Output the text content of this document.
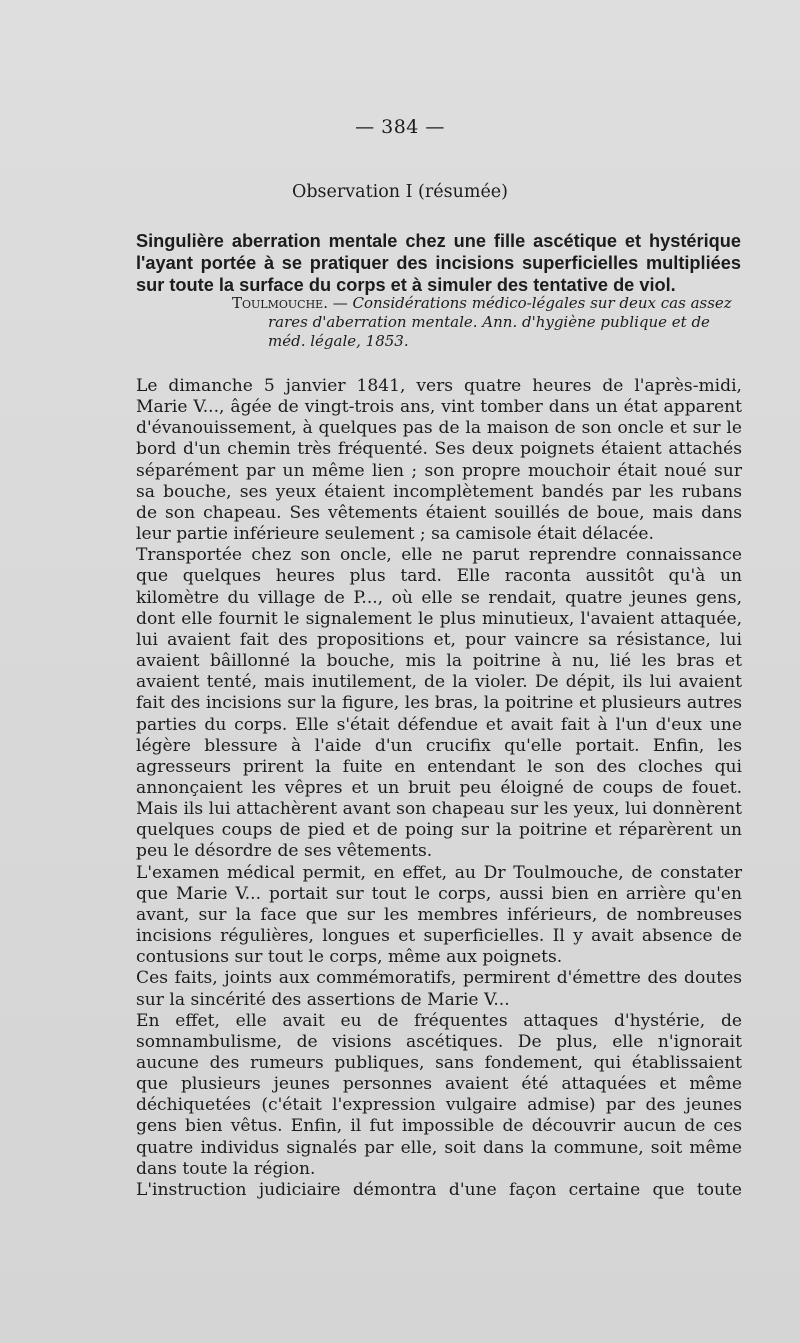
— 384 —
Observation I (résumée)
Singulière aberration mentale chez une fille ascétique et hystérique l'ayant portée à se pratiquer des incisions superficielles multipliées sur toute la surface du corps et à simuler des tentative de viol.
Toulmouche. — Considérations médico-légales sur deux cas assez rares d'aberration mentale. Ann. d'hygiène publique et de méd. légale, 1853.

Le dimanche 5 janvier 1841, vers quatre heures de l'après-midi, Marie V..., âgée de vingt-trois ans, vint tomber dans un état apparent d'évanouissement, à quelques pas de la maison de son oncle et sur le bord d'un chemin très fréquenté. Ses deux poignets étaient attachés séparément par un même lien ; son propre mouchoir était noué sur sa bouche, ses yeux étaient incomplètement bandés par les rubans de son chapeau. Ses vêtements étaient souillés de boue, mais dans leur partie inférieure seulement ; sa camisole était délacée.

Transportée chez son oncle, elle ne parut reprendre connaissance que quelques heures plus tard. Elle raconta aussitôt qu'à un kilomètre du village de P..., où elle se rendait, quatre jeunes gens, dont elle fournit le signalement le plus minutieux, l'avaient attaquée, lui avaient fait des propositions et, pour vaincre sa résistance, lui avaient bâillonné la bouche, mis la poitrine à nu, lié les bras et avaient tenté, mais inutilement, de la violer. De dépit, ils lui avaient fait des incisions sur la figure, les bras, la poitrine et plusieurs autres parties du corps. Elle s'était défendue et avait fait à l'un d'eux une légère blessure à l'aide d'un crucifix qu'elle portait. Enfin, les agresseurs prirent la fuite en entendant le son des cloches qui annonçaient les vêpres et un bruit peu éloigné de coups de fouet. Mais ils lui attachèrent avant son chapeau sur les yeux, lui donnèrent quelques coups de pied et de poing sur la poitrine et réparèrent un peu le désordre de ses vêtements.

L'examen médical permit, en effet, au Dr Toulmouche, de constater que Marie V... portait sur tout le corps, aussi bien en arrière qu'en avant, sur la face que sur les membres inférieurs, de nombreuses incisions régulières, longues et superficielles. Il y avait absence de contusions sur tout le corps, même aux poignets.

Ces faits, joints aux commémoratifs, permirent d'émettre des doutes sur la sincérité des assertions de Marie V...

En effet, elle avait eu de fréquentes attaques d'hystérie, de somnambulisme, de visions ascétiques. De plus, elle n'ignorait aucune des rumeurs publiques, sans fondement, qui établissaient que plusieurs jeunes personnes avaient été attaquées et même déchiquetées (c'était l'expression vulgaire admise) par des jeunes gens bien vêtus. Enfin, il fut impossible de découvrir aucun de ces quatre individus signalés par elle, soit dans la commune, soit même dans toute la région.

L'instruction judiciaire démontra d'une façon certaine que toute
